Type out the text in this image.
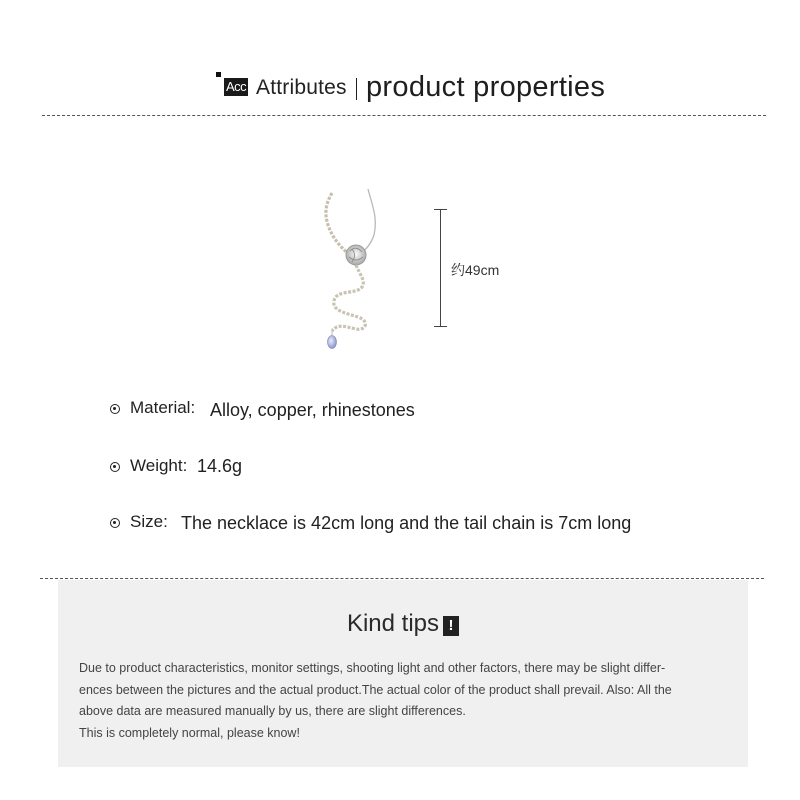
Acc Attributes product properties
约49cm
Material: Alloy, copper, rhinestones
Weight: 14.6g
Size: The necklace is 42cm long and the tail chain is 7cm long
Kind tips !
Due to product characteristics, monitor settings, shooting light and other factors, there may be slight differ-
ences between the pictures and the actual product.The actual color of the product shall prevail. Also: All the
above data are measured manually by us, there are slight differences.
This is completely normal, please know!
